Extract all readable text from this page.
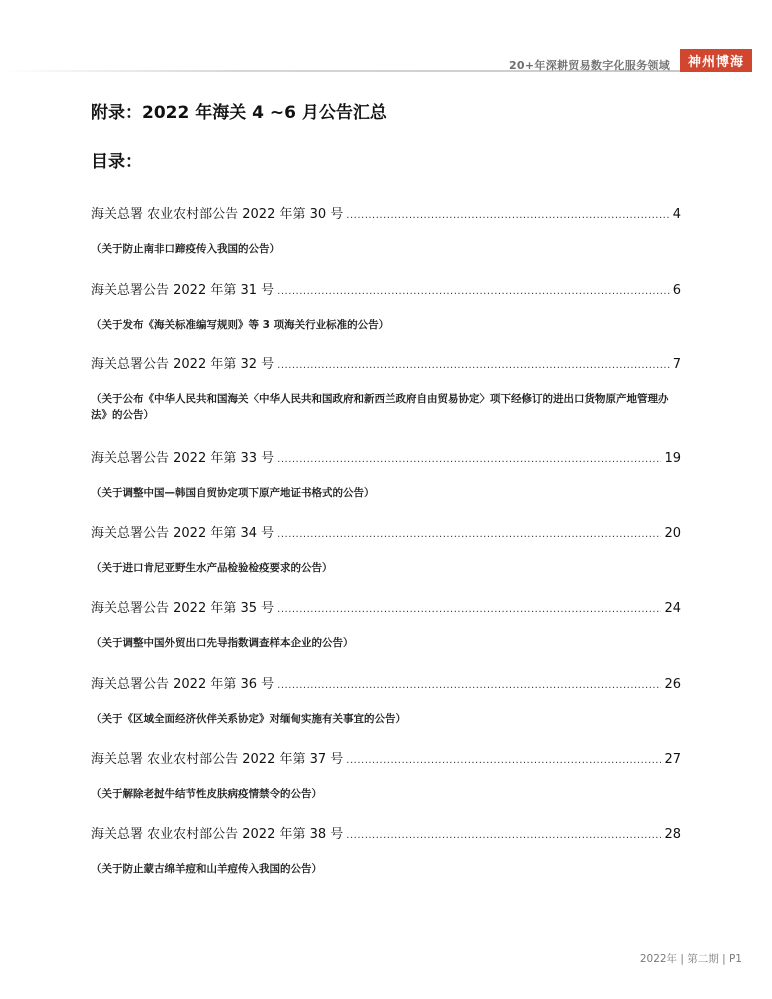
20+年深耕贸易数字化服务领域	神州博海
附录：2022 年海关 4 ~6 月公告汇总
目录：
海关总署 农业农村部公告 2022 年第 30 号 .....	4
（关于防止南非口蹄疫传入我国的公告）
海关总署公告 2022 年第 31 号 .....	6
（关于发布《海关标准编写规则》等 3 项海关行业标准的公告）
海关总署公告 2022 年第 32 号 .....	7
（关于公布《中华人民共和国海关〈中华人民共和国政府和新西兰政府自由贸易协定〉项下经修订的进出口货物原产地管理办法》的公告）
海关总署公告 2022 年第 33 号 .....	19
（关于调整中国—韩国自贸协定项下原产地证书格式的公告）
海关总署公告 2022 年第 34 号 .....	20
（关于进口肯尼亚野生水产品检验检疫要求的公告）
海关总署公告 2022 年第 35 号 .....	24
（关于调整中国外贸出口先导指数调查样本企业的公告）
海关总署公告 2022 年第 36 号 .....	26
（关于《区域全面经济伙伴关系协定》对缅甸实施有关事宜的公告）
海关总署 农业农村部公告 2022 年第 37 号 .....	27
（关于解除老挝牛结节性皮肤病疫情禁令的公告）
海关总署 农业农村部公告 2022 年第 38 号 .....	28
（关于防止蒙古绵羊痘和山羊痘传入我国的公告）
2022年 | 第二期 | P1
